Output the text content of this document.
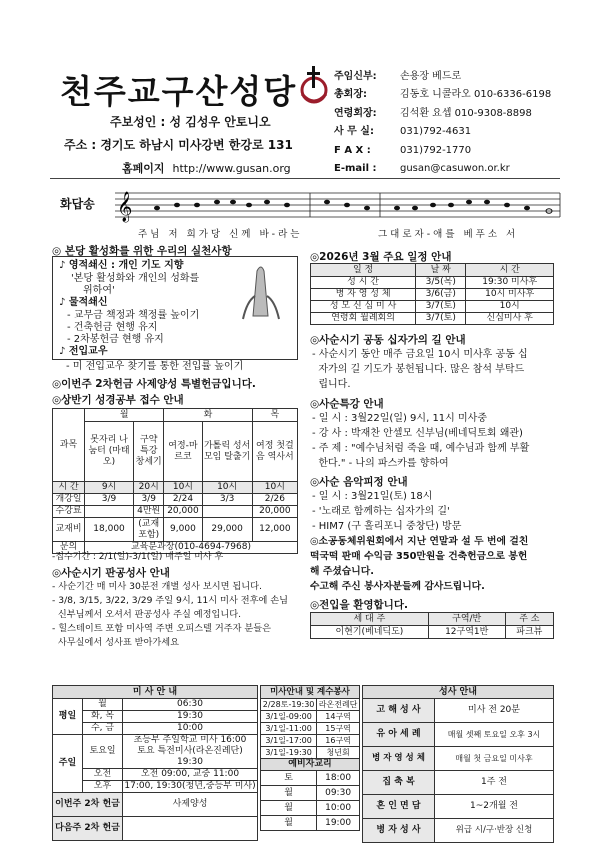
천주교구산성당
주보성인 : 성 김성우 안토니오
주소 : 경기도 하남시 미사강변 한강로 131
홈페이지 http://www.gusan.org
주임신부: 손용장 베드로
총회장:	김동호 니콜라오 010-6336-6198
연령회장: 김석환 요셉 010-9308-8898
사 무 실:	031)792-4631
F A X :	031)792-1770
E-mail : gusan@casuwon.or.kr
화답송 𝄞
주님 저 희가당 신께 바-라는	그대로자-애를 베푸소 서
◎ 본당 활성화를 위한 우리의 실천사항
♪ 영적쇄신 : 개인 기도 지향
'본당 활성화와 개인의 성화를
위하여'
♪ 물적쇄신
- 교무금 책정과 책정률 높이기
- 건축헌금 현행 유지
- 2차봉헌금 현행 유지
♪ 전입교우
- 미 전입교우 찾기를 통한 전입률 높이기
◎이번주 2차헌금 사제양성 특별헌금입니다.
◎상반기 성경공부 접수 안내
과목	월		화		목
	못자리 나눔터 (마태오)	구약 특강 창세기	여정-마르코	가톨릭 성서 모임 탈출기	여정 첫걸음 역사서
시 간	9시	20시	10시	10시	10시
개강일	3/9	3/9	2/24	3/3	2/26
수강료		4만원	20,000		20,000
교재비	18,000	(교재포함)	9,000	29,000	12,000
문의	교육분과장(010-4694-7968)				
-접수기간 : 2/1(일)-3/1(일) 매주일 미사 후
◎사순시기 판공성사 안내
- 사순기간 매 미사 30분전 개별 성사 보시면 됩니다.
- 3/8, 3/15, 3/22, 3/29 주일 9시, 11시 미사 전후에 손님
신부님께서 오셔서 판공성사 주실 예정입니다.
- 힐스테이트 포함 미사역 주변 오피스텔 거주자 분들은
사무실에서 성사표 받아가세요
◎2026년 3월 주요 일정 안내
일 정	날 짜	시 간
성 시 간	3/5(목)	19:30 미사후
병 자 영 성 체	3/6(금)	10시 미사후
성 모 신 심 미 사	3/7(토)	10시
연령회 월례회의	3/7(토)	신심미사 후
◎사순시기 공동 십자가의 길 안내
- 사순시기 동안 매주 금요일 10시 미사후 공동 십
자가의 길 기도가 봉헌됩니다. 많은 참석 부탁드
립니다.
◎사순특강 안내
- 일 시 : 3월22일(일) 9시, 11시 미사중
- 강 사 : 박재찬 안셀모 신부님(베네딕토회 왜관)
- 주 제 : "예수님처럼 죽을 때, 예수님과 함께 부활
한다." - 나의 파스카를 향하여
◎사순 음악피정 안내
- 일 시 : 3월21일(토) 18시
- '노래로 함께하는 십자가의 길'
- HIM7 (구 홀리포니 중창단) 방문
◎소공동체위원회에서 지난 연말과 설 두 번에 걸친
떡국떡 판매 수익금 350만원을 건축헌금으로 봉헌
해 주셨습니다.
수고해 주신 봉사자분들께 감사드립니다.
◎전입을 환영합니다.
세 대 주	구역/반	주 소
이현기(베네딕도)	12구역1반	파크뷰
미 사 안 내		
평일	월	06:30
	화, 목	19:30
	수, 금	10:00
주일	토요일	초등부 주일학교 미사 16:00
토요 특전미사(라온진례단) 19:30

	오전	오전 09:00, 교중 11:00
	오후	17:00, 19:30(청년,중등부 미사)
이번주 2차 헌금		사제양성
다음주 2차 헌금		
미사안내 및 계수봉사	
2/28토-19:30	라온전례단
3/1일-09:00	14구역
3/1일-11:00	15구역
3/1일-17:00	16구역
3/1일-19:30	청년회
예비자교리	
토	18:00
월	09:30
월	10:00
월	19:00
성사 안내	
고 해 성 사	미사 전 20분
유 아 세 례	매월 셋째 토요일 오후 3시
병 자 영 성 체	매월 첫 금요일 미사후
집 축 복	1주 전
혼 인 면 담	1~2개월 전
병 자 성 사	위급 시/구·반장 신청
